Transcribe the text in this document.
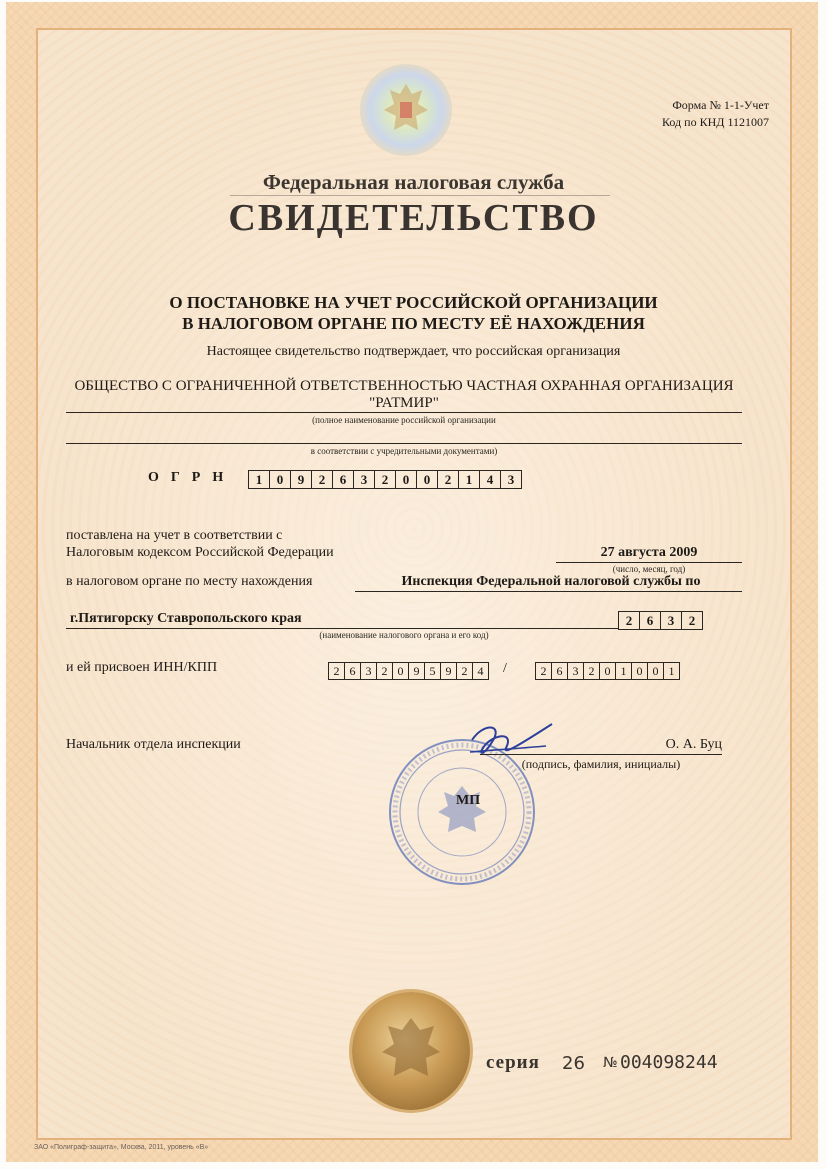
Форма № 1-1-Учет
Код по КНД 1121007
Федеральная налоговая служба
СВИДЕТЕЛЬСТВО
О ПОСТАНОВКЕ НА УЧЕТ РОССИЙСКОЙ ОРГАНИЗАЦИИ
В НАЛОГОВОМ ОРГАНЕ ПО МЕСТУ ЕЁ НАХОЖДЕНИЯ
Настоящее свидетельство подтверждает, что российская организация
ОБЩЕСТВО С ОГРАНИЧЕННОЙ ОТВЕТСТВЕННОСТЬЮ ЧАСТНАЯ ОХРАННАЯ ОРГАНИЗАЦИЯ
"РАТМИР"
(полное наименование российской организации
в соответствии с учредительными документами)
ОГРН	1	0	9	2	6	3	2	0	0	2	1	4	3
поставлена на учет в соответствии с
Налоговым кодексом Российской Федерации	27 августа 2009
(число, месяц, год)
в налоговом органе по месту нахождения	Инспекция Федеральной налоговой службы по
г.Пятигорску Ставропольского края	2	6	3	2
(наименование налогового органа и его код)
и ей присвоен ИНН/КПП	2 6 3 2 0 9 5 9 2 4	/	2 6 3 2 0 1 0 0 1
Начальник отдела инспекции	О. А. Буц
(подпись, фамилия, инициалы)
МП
серия 26 № 004098244
ЗАО «Полиграф-защита», Москва, 2011, уровень «В»
